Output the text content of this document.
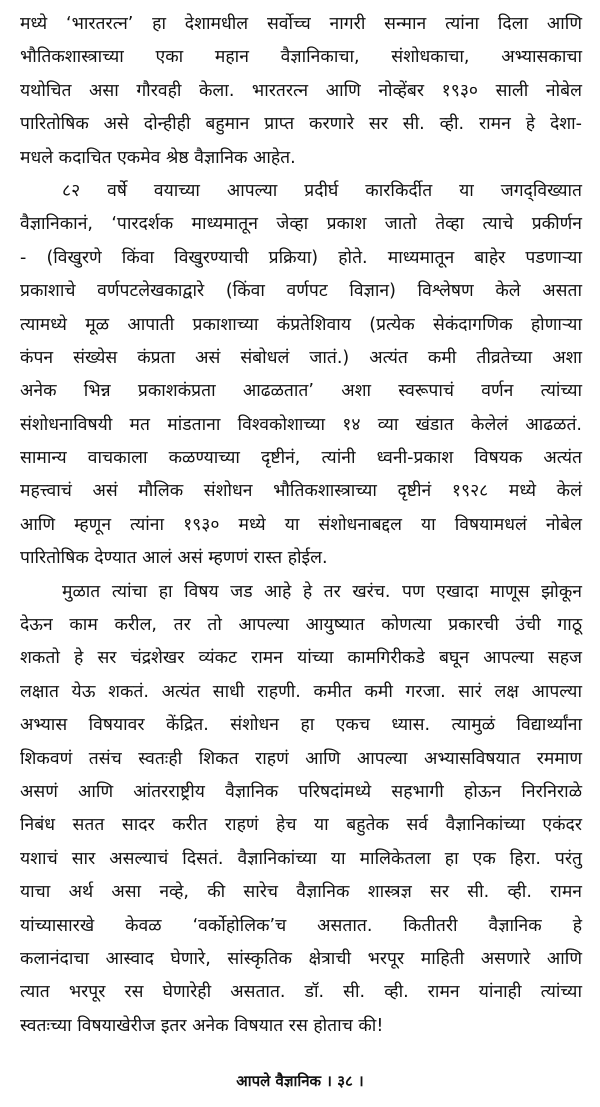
मध्ये ‘भारतरत्न’ हा देशामधील सर्वोच्च नागरी सन्मान त्यांना दिला आणि
भौतिकशास्त्राच्या एका महान वैज्ञानिकाचा, संशोधकाचा, अभ्यासकाचा
यथोचित असा गौरवही केला. भारतरत्न आणि नोव्हेंबर १९३० साली नोबेल
पारितोषिक असे दोन्हीही बहुमान प्राप्त करणारे सर सी. व्ही. रामन हे देशा-
मधले कदाचित एकमेव श्रेष्ठ वैज्ञानिक आहेत.
८२ वर्षे वयाच्या आपल्या प्रदीर्घ कारकिर्दीत या जगद्‌विख्यात
वैज्ञानिकानं, ‘पारदर्शक माध्यमातून जेव्हा प्रकाश जातो तेव्हा त्याचे प्रकीर्णन
- (विखुरणे किंवा विखुरण्याची प्रक्रिया) होते. माध्यमातून बाहेर पडणाऱ्या
प्रकाशाचे वर्णपटलेखकाद्वारे (किंवा वर्णपट विज्ञान) विश्लेषण केले असता
त्यामध्ये मूळ आपाती प्रकाशाच्या कंप्रतेशिवाय (प्रत्येक सेकंदागणिक होणाऱ्या
कंपन संख्येस कंप्रता असं संबोधलं जातं.) अत्यंत कमी तीव्रतेच्या अशा
अनेक भिन्न प्रकाशकंप्रता आढळतात’ अशा स्वरूपाचं वर्णन त्यांच्या
संशोधनाविषयी मत मांडताना विश्वकोशाच्या १४ व्या खंडात केलेलं आढळतं.
सामान्य वाचकाला कळण्याच्या दृष्टीनं, त्यांनी ध्वनी-प्रकाश विषयक अत्यंत
महत्त्वाचं असं मौलिक संशोधन भौतिकशास्त्राच्या दृष्टीनं १९२८ मध्ये केलं
आणि म्हणून त्यांना १९३० मध्ये या संशोधनाबद्दल या विषयामधलं नोबेल
पारितोषिक देण्यात आलं असं म्हणणं रास्त होईल.
मुळात त्यांचा हा विषय जड आहे हे तर खरंच. पण एखादा माणूस झोकून
देऊन काम करील, तर तो आपल्या आयुष्यात कोणत्या प्रकारची उंची गाठू
शकतो हे सर चंद्रशेखर व्यंकट रामन यांच्या कामगिरीकडे बघून आपल्या सहज
लक्षात येऊ शकतं. अत्यंत साधी राहणी. कमीत कमी गरजा. सारं लक्ष आपल्या
अभ्यास विषयावर केंद्रित. संशोधन हा एकच ध्यास. त्यामुळं विद्यार्थ्यांना
शिकवणं तसंच स्वतःही शिकत राहणं आणि आपल्या अभ्यासविषयात रममाण
असणं आणि आंतरराष्ट्रीय वैज्ञानिक परिषदांमध्ये सहभागी होऊन निरनिराळे
निबंध सतत सादर करीत राहणं हेच या बहुतेक सर्व वैज्ञानिकांच्या एकंदर
यशाचं सार असल्याचं दिसतं. वैज्ञानिकांच्या या मालिकेतला हा एक हिरा. परंतु
याचा अर्थ असा नव्हे, की सारेच वैज्ञानिक शास्त्रज्ञ सर सी. व्ही. रामन
यांच्यासारखे केवळ ‘वर्कोहोलिक’च असतात. कितीतरी वैज्ञानिक हे
कलानंदाचा आस्वाद घेणारे, सांस्कृतिक क्षेत्राची भरपूर माहिती असणारे आणि
त्यात भरपूर रस घेणारेही असतात. डॉ. सी. व्ही. रामन यांनाही त्यांच्या
स्वतःच्या विषयाखेरीज इतर अनेक विषयात रस होताच की!
आपले वैज्ञानिक । ३८ ।
